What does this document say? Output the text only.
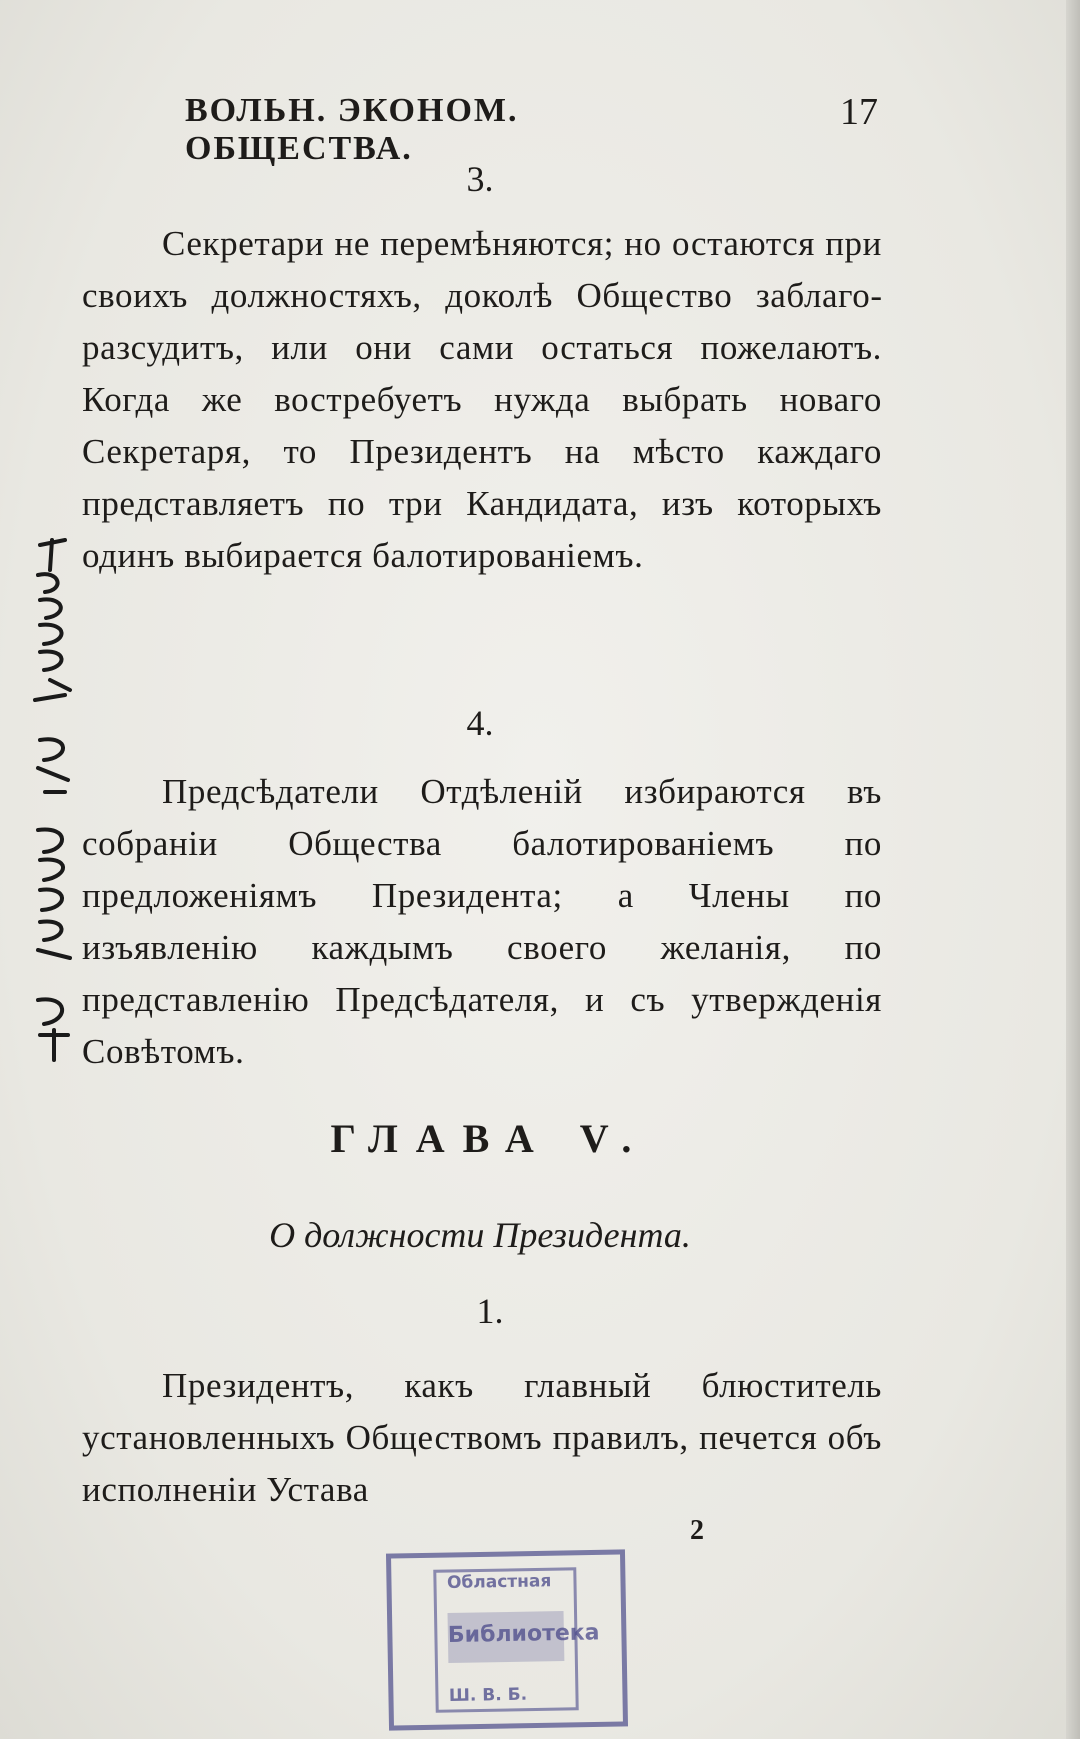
ВОЛЬН. ЭКОНОМ. ОБЩЕСТВА.
17
3.

Секретари не перемѣняются; но остаются при своихъ должностяхъ, доколѣ Общество заблагоразсудитъ, или они сами остаться пожелаютъ. Когда же востребуетъ нужда выбрать новаго Секретаря, то Президентъ на мѣсто каждаго представляетъ по три Кандидата, изъ которыхъ одинъ выбирается балотированіемъ.

4.

Предсѣдатели Отдѣленій избираются въ собраніи Общества балотированіемъ по предложеніямъ Президента; а Члены по изъявленію каждымъ своего желанія, по представленію Предсѣдателя, и съ утвержденія Совѣтомъ.

ГЛАВА V.
О должности Президента.
1.

Президентъ, какъ главный блюститель установленныхъ Обществомъ правилъ, печется объ исполненіи Устава

2
Областная
Библиотека
Ш. В. Б.
